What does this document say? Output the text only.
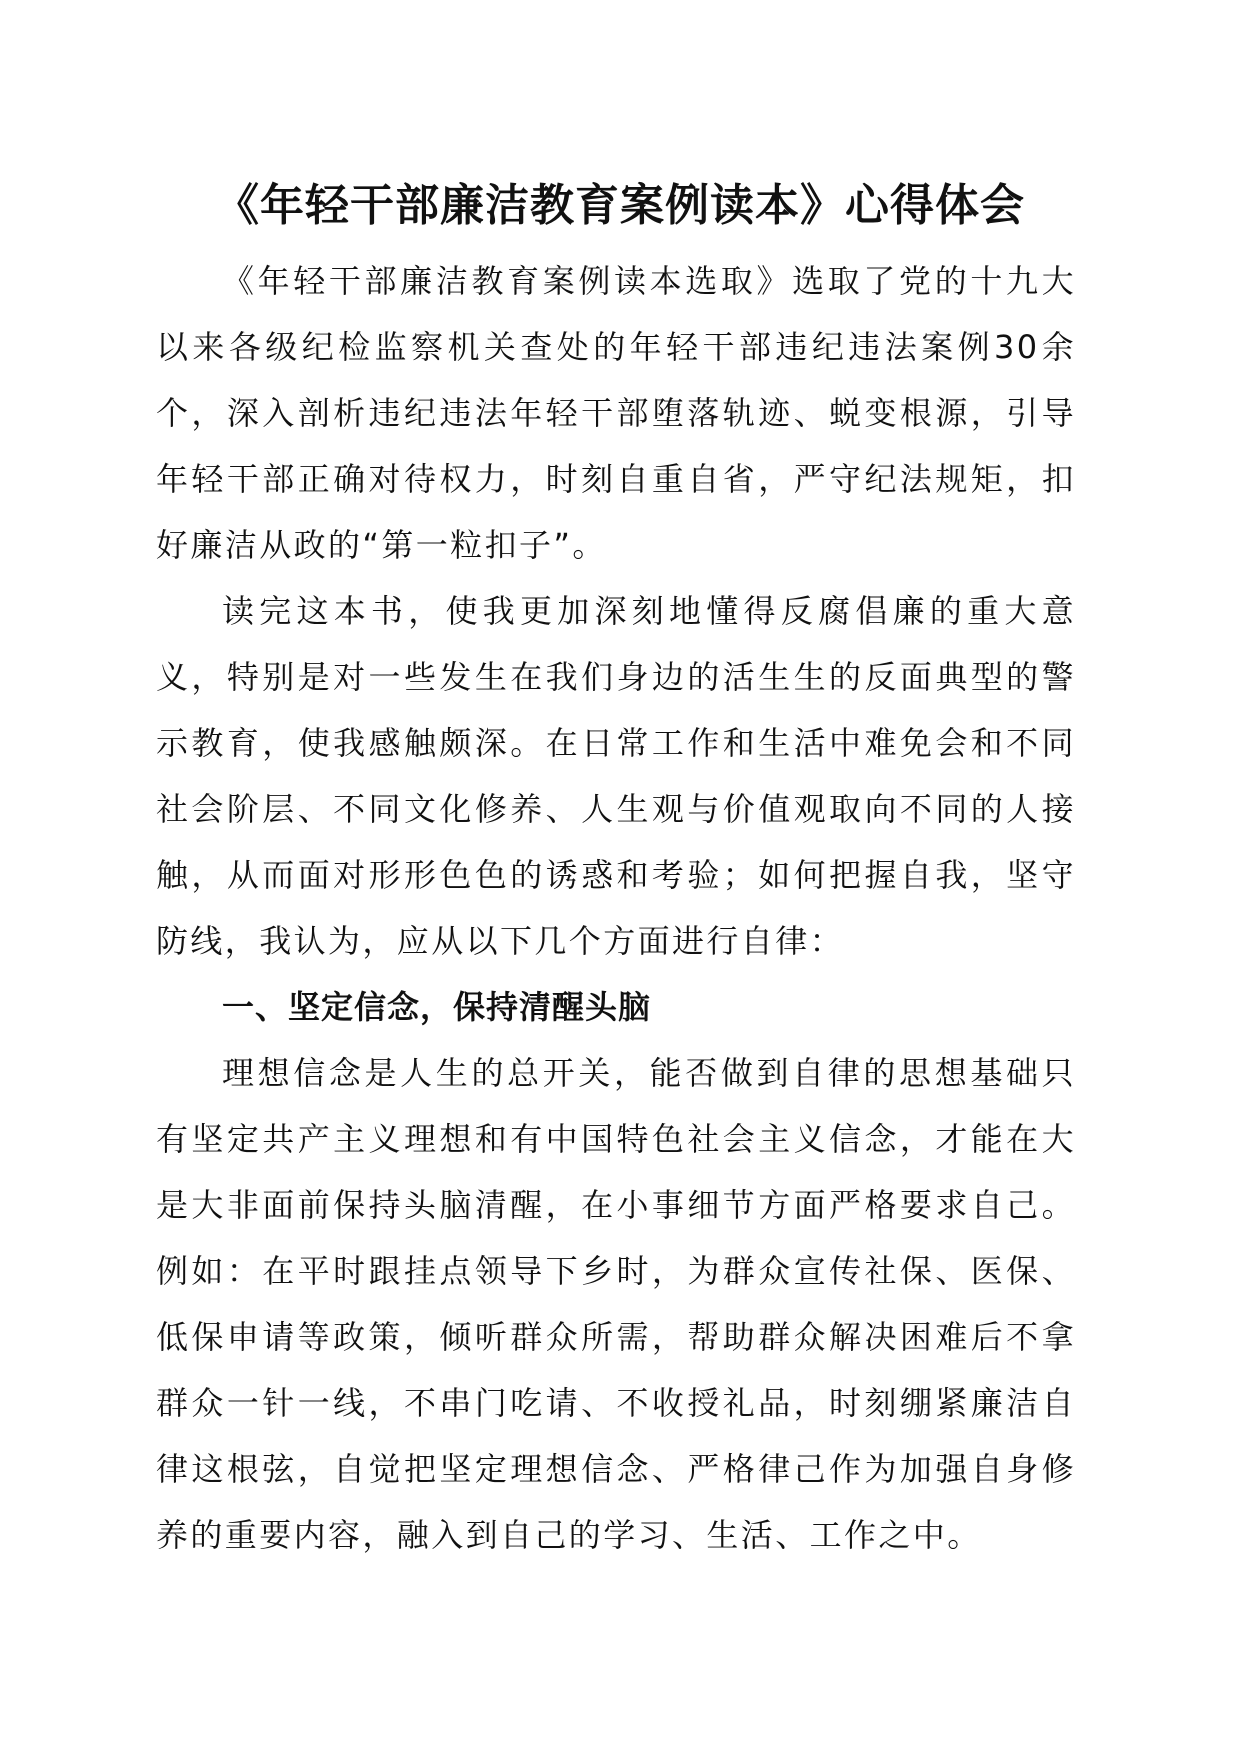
《年轻干部廉洁教育案例读本》心得体会

《年轻干部廉洁教育案例读本选取》选取了党的十九大以来各级纪检监察机关查处的年轻干部违纪违法案例30余个，深入剖析违纪违法年轻干部堕落轨迹、蜕变根源，引导年轻干部正确对待权力，时刻自重自省，严守纪法规矩，扣好廉洁从政的“第一粒扣子”。

读完这本书，使我更加深刻地懂得反腐倡廉的重大意义，特别是对一些发生在我们身边的活生生的反面典型的警示教育，使我感触颇深。在日常工作和生活中难免会和不同社会阶层、不同文化修养、人生观与价值观取向不同的人接触，从而面对形形色色的诱惑和考验；如何把握自我，坚守防线，我认为，应从以下几个方面进行自律：

一、坚定信念，保持清醒头脑

理想信念是人生的总开关，能否做到自律的思想基础只有坚定共产主义理想和有中国特色社会主义信念，才能在大是大非面前保持头脑清醒，在小事细节方面严格要求自己。例如：在平时跟挂点领导下乡时，为群众宣传社保、医保、低保申请等政策，倾听群众所需，帮助群众解决困难后不拿群众一针一线，不串门吃请、不收授礼品，时刻绷紧廉洁自律这根弦，自觉把坚定理想信念、严格律己作为加强自身修养的重要内容，融入到自己的学习、生活、工作之中。
